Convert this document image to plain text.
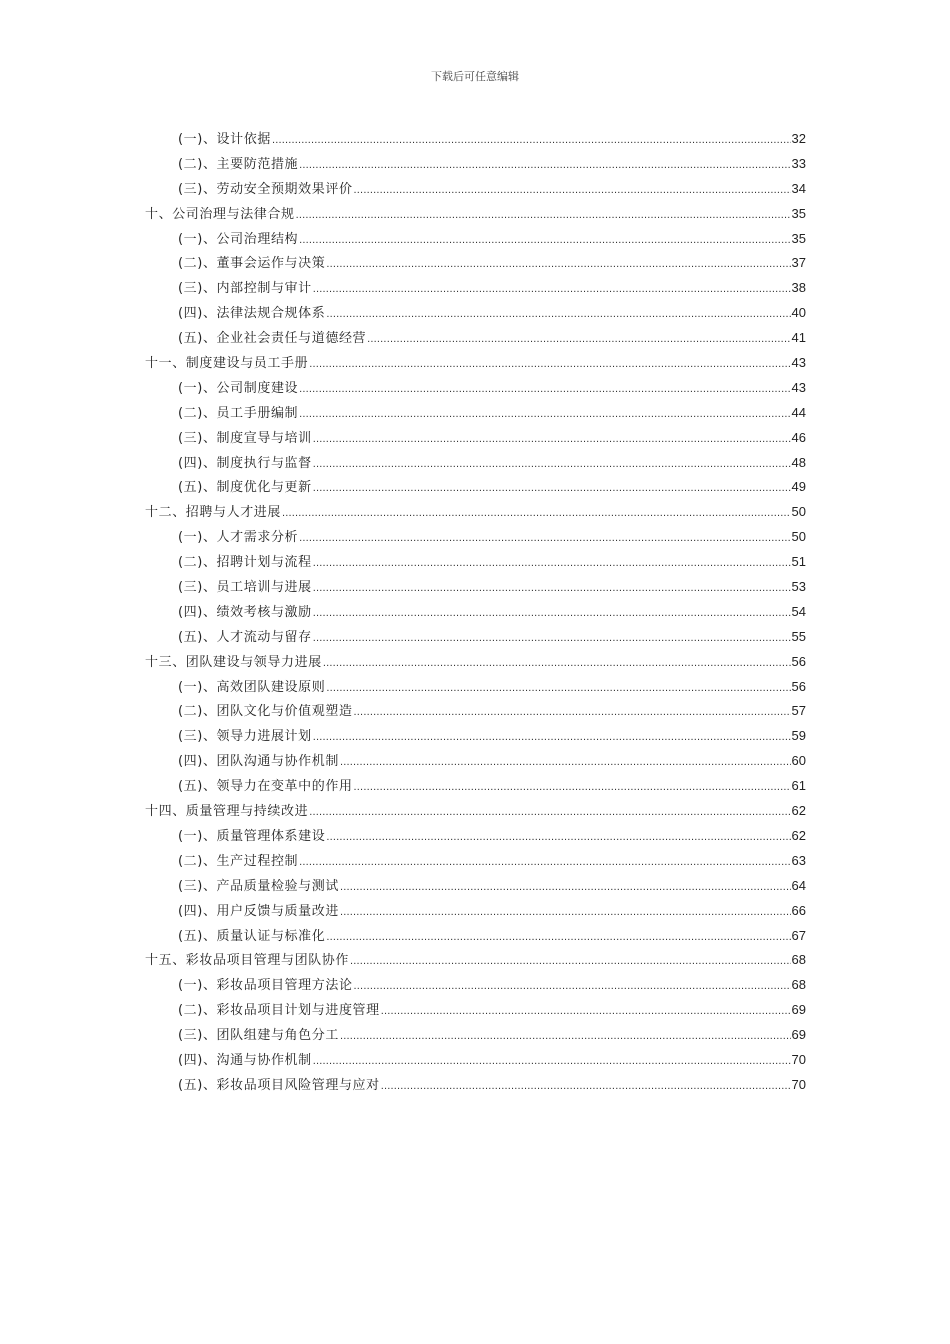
下载后可任意编辑
(一)、设计依据 .....	32
(二)、主要防范措施 .....	33
(三)、劳动安全预期效果评价 .....	34
十、公司治理与法律合规 .....	35
(一)、公司治理结构 .....	35
(二)、董事会运作与决策 .....	37
(三)、内部控制与审计 .....	38
(四)、法律法规合规体系 .....	40
(五)、企业社会责任与道德经营 .....	41
十一、制度建设与员工手册 .....	43
(一)、公司制度建设 .....	43
(二)、员工手册编制 .....	44
(三)、制度宣导与培训 .....	46
(四)、制度执行与监督 .....	48
(五)、制度优化与更新 .....	49
十二、招聘与人才进展 .....	50
(一)、人才需求分析 .....	50
(二)、招聘计划与流程 .....	51
(三)、员工培训与进展 .....	53
(四)、绩效考核与激励 .....	54
(五)、人才流动与留存 .....	55
十三、团队建设与领导力进展 .....	56
(一)、高效团队建设原则 .....	56
(二)、团队文化与价值观塑造 .....	57
(三)、领导力进展计划 .....	59
(四)、团队沟通与协作机制 .....	60
(五)、领导力在变革中的作用 .....	61
十四、质量管理与持续改进 .....	62
(一)、质量管理体系建设 .....	62
(二)、生产过程控制 .....	63
(三)、产品质量检验与测试 .....	64
(四)、用户反馈与质量改进 .....	66
(五)、质量认证与标准化 .....	67
十五、彩妆品项目管理与团队协作 .....	68
(一)、彩妆品项目管理方法论 .....	68
(二)、彩妆品项目计划与进度管理 .....	69
(三)、团队组建与角色分工 .....	69
(四)、沟通与协作机制 .....	70
(五)、彩妆品项目风险管理与应对 .....	70
